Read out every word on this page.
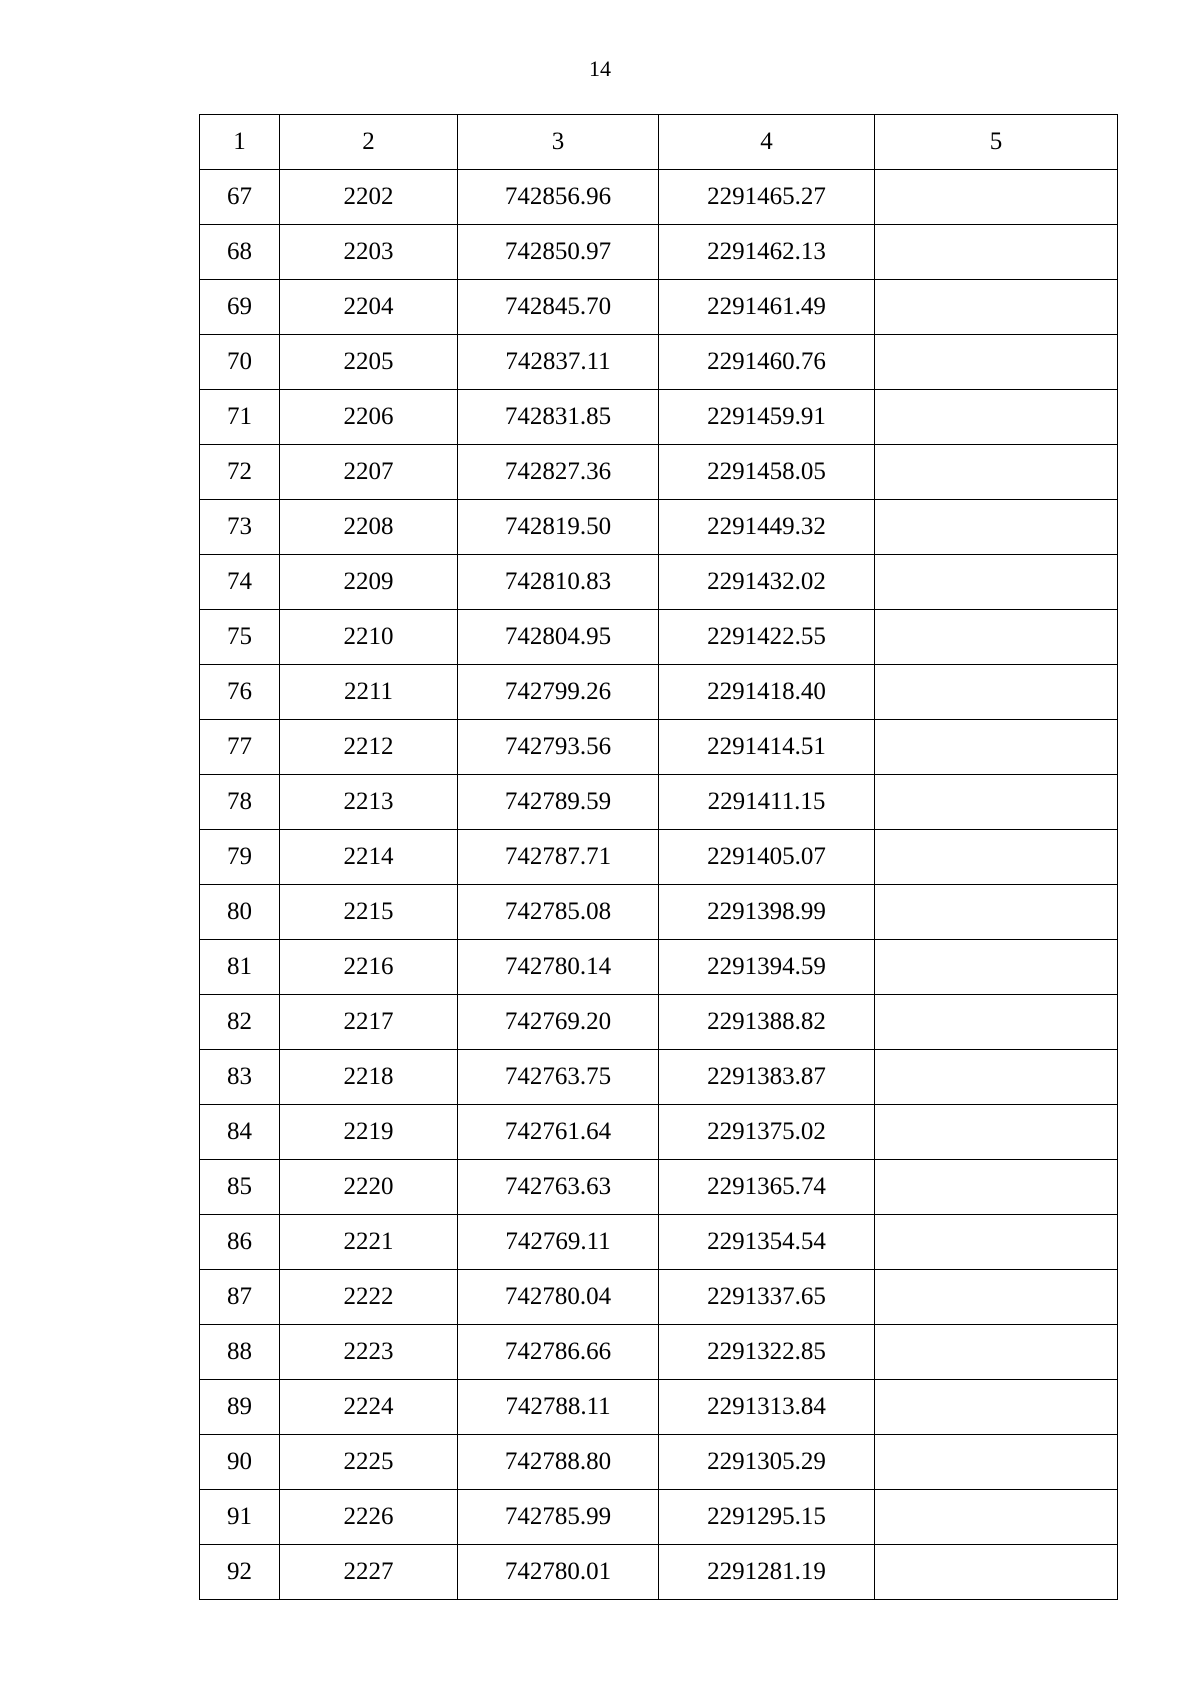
14
1	2	3	4	5
67	2202	742856.96	2291465.27	
68	2203	742850.97	2291462.13	
69	2204	742845.70	2291461.49	
70	2205	742837.11	2291460.76	
71	2206	742831.85	2291459.91	
72	2207	742827.36	2291458.05	
73	2208	742819.50	2291449.32	
74	2209	742810.83	2291432.02	
75	2210	742804.95	2291422.55	
76	2211	742799.26	2291418.40	
77	2212	742793.56	2291414.51	
78	2213	742789.59	2291411.15	
79	2214	742787.71	2291405.07	
80	2215	742785.08	2291398.99	
81	2216	742780.14	2291394.59	
82	2217	742769.20	2291388.82	
83	2218	742763.75	2291383.87	
84	2219	742761.64	2291375.02	
85	2220	742763.63	2291365.74	
86	2221	742769.11	2291354.54	
87	2222	742780.04	2291337.65	
88	2223	742786.66	2291322.85	
89	2224	742788.11	2291313.84	
90	2225	742788.80	2291305.29	
91	2226	742785.99	2291295.15	
92	2227	742780.01	2291281.19	
